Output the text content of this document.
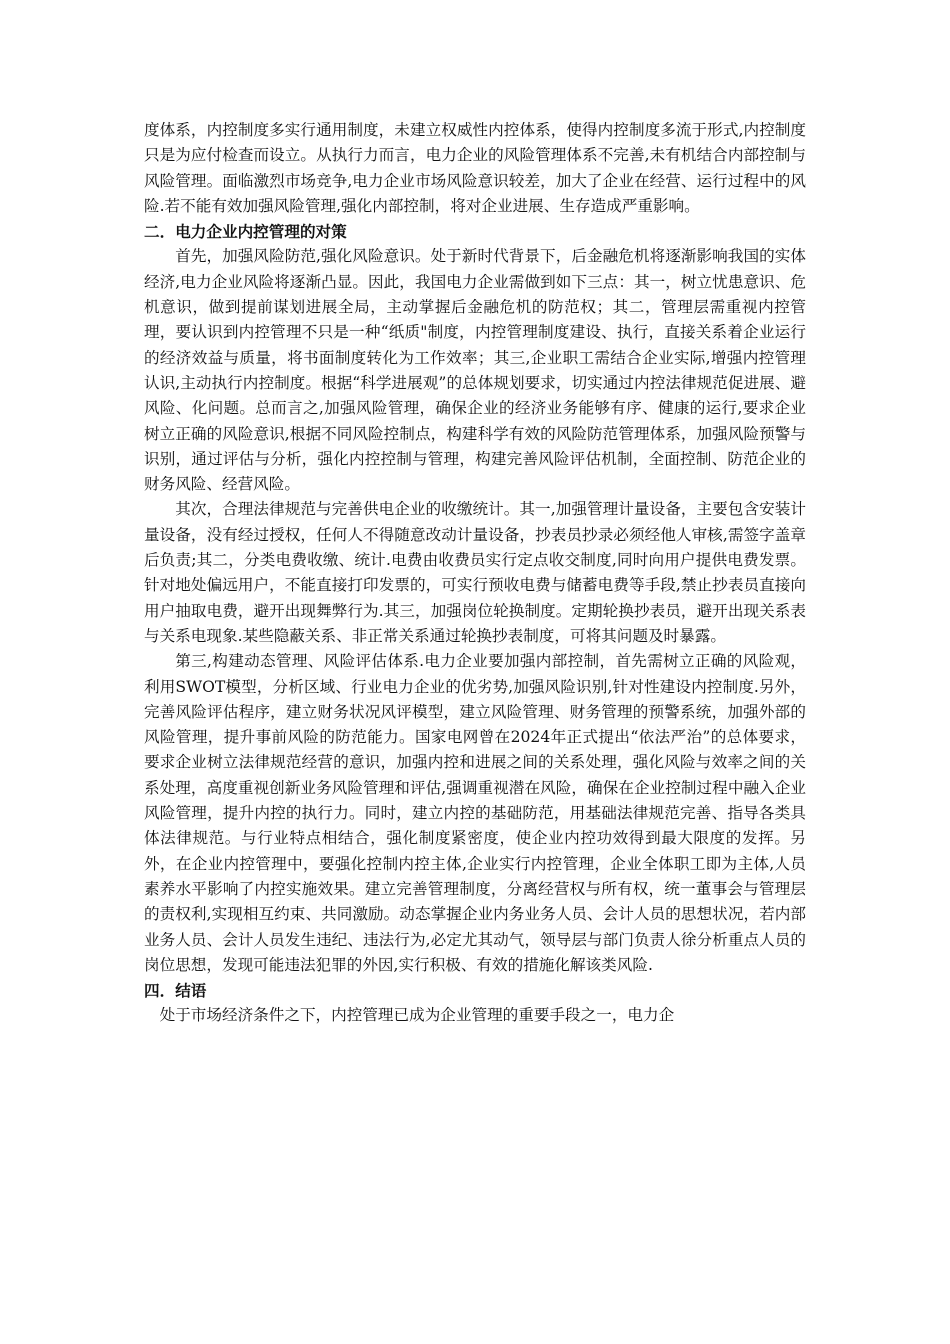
度体系，内控制度多实行通用制度，未建立权威性内控体系，使得内控制度多流于形式,内控制度只是为应付检查而设立。从执行力而言，电力企业的风险管理体系不完善,未有机结合内部控制与风险管理。面临激烈市场竞争,电力企业市场风险意识较差，加大了企业在经营、运行过程中的风险.若不能有效加强风险管理,强化内部控制，将对企业进展、生存造成严重影响。

二．电力企业内控管理的对策

首先，加强风险防范,强化风险意识。处于新时代背景下，后金融危机将逐渐影响我国的实体经济,电力企业风险将逐渐凸显。因此，我国电力企业需做到如下三点：其一，树立忧患意识、危机意识，做到提前谋划进展全局，主动掌握后金融危机的防范权；其二，管理层需重视内控管理，要认识到内控管理不只是一种“纸质"制度，内控管理制度建设、执行，直接关系着企业运行的经济效益与质量，将书面制度转化为工作效率；其三,企业职工需结合企业实际,增强内控管理认识,主动执行内控制度。根据“科学进展观”的总体规划要求，切实通过内控法律规范促进展、避风险、化问题。总而言之,加强风险管理，确保企业的经济业务能够有序、健康的运行,要求企业树立正确的风险意识,根据不同风险控制点，构建科学有效的风险防范管理体系，加强风险预警与识别，通过评估与分析，强化内控控制与管理，构建完善风险评估机制，全面控制、防范企业的财务风险、经营风险。

其次，合理法律规范与完善供电企业的收缴统计。其一,加强管理计量设备，主要包含安装计量设备，没有经过授权，任何人不得随意改动计量设备，抄表员抄录必须经他人审核,需签字盖章后负责;其二，分类电费收缴、统计.电费由收费员实行定点收交制度,同时向用户提供电费发票。针对地处偏远用户，不能直接打印发票的，可实行预收电费与储蓄电费等手段,禁止抄表员直接向用户抽取电费，避开出现舞弊行为.其三，加强岗位轮换制度。定期轮换抄表员，避开出现关系表与关系电现象.某些隐蔽关系、非正常关系通过轮换抄表制度，可将其问题及时暴露。

第三,构建动态管理、风险评估体系.电力企业要加强内部控制，首先需树立正确的风险观，利用SWOT模型，分析区域、行业电力企业的优劣势,加强风险识别,针对性建设内控制度.另外，完善风险评估程序，建立财务状况风评模型，建立风险管理、财务管理的预警系统，加强外部的风险管理，提升事前风险的防范能力。国家电网曾在2024年正式提出“依法严治”的总体要求，要求企业树立法律规范经营的意识，加强内控和进展之间的关系处理，强化风险与效率之间的关系处理，高度重视创新业务风险管理和评估,强调重视潜在风险，确保在企业控制过程中融入企业风险管理，提升内控的执行力。同时，建立内控的基础防范，用基础法律规范完善、指导各类具体法律规范。与行业特点相结合，强化制度紧密度，使企业内控功效得到最大限度的发挥。另外，在企业内控管理中，要强化控制内控主体,企业实行内控管理，企业全体职工即为主体,人员素养水平影响了内控实施效果。建立完善管理制度，分离经营权与所有权，统一董事会与管理层的责权利,实现相互约束、共同激励。动态掌握企业内务业务人员、会计人员的思想状况，若内部业务人员、会计人员发生违纪、违法行为,必定尤其动气，领导层与部门负责人徐分析重点人员的岗位思想，发现可能违法犯罪的外因,实行积极、有效的措施化解该类风险.

四．结语

处于市场经济条件之下，内控管理已成为企业管理的重要手段之一，电力企
